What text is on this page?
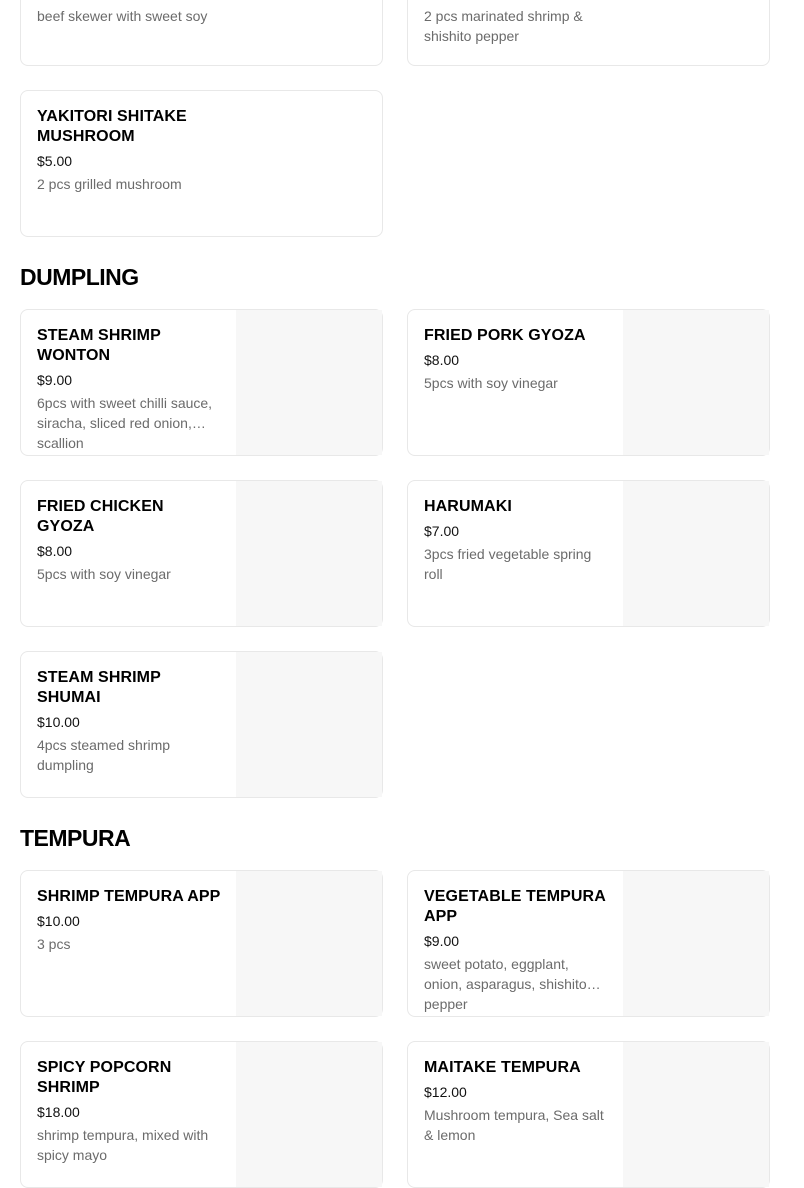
beef skewer with sweet soy	2 pcs marinated shrimp & shishito pepper
YAKITORI SHITAKE MUSHROOM
$5.00
2 pcs grilled mushroom
DUMPLING
STEAM SHRIMP WONTON
$9.00
6pcs with sweet chilli sauce, siracha, sliced red onion, scallion
FRIED PORK GYOZA
$8.00
5pcs with soy vinegar
FRIED CHICKEN GYOZA
$8.00
5pcs with soy vinegar
HARUMAKI
$7.00
3pcs fried vegetable spring roll
STEAM SHRIMP SHUMAI
$10.00
4pcs steamed shrimp dumpling
TEMPURA
SHRIMP TEMPURA APP
$10.00
3 pcs
VEGETABLE TEMPURA APP
$9.00
sweet potato, eggplant, onion, asparagus, shishito pepper
SPICY POPCORN SHRIMP
$18.00
shrimp tempura, mixed with spicy mayo
MAITAKE TEMPURA
$12.00
Mushroom tempura, Sea salt & lemon
